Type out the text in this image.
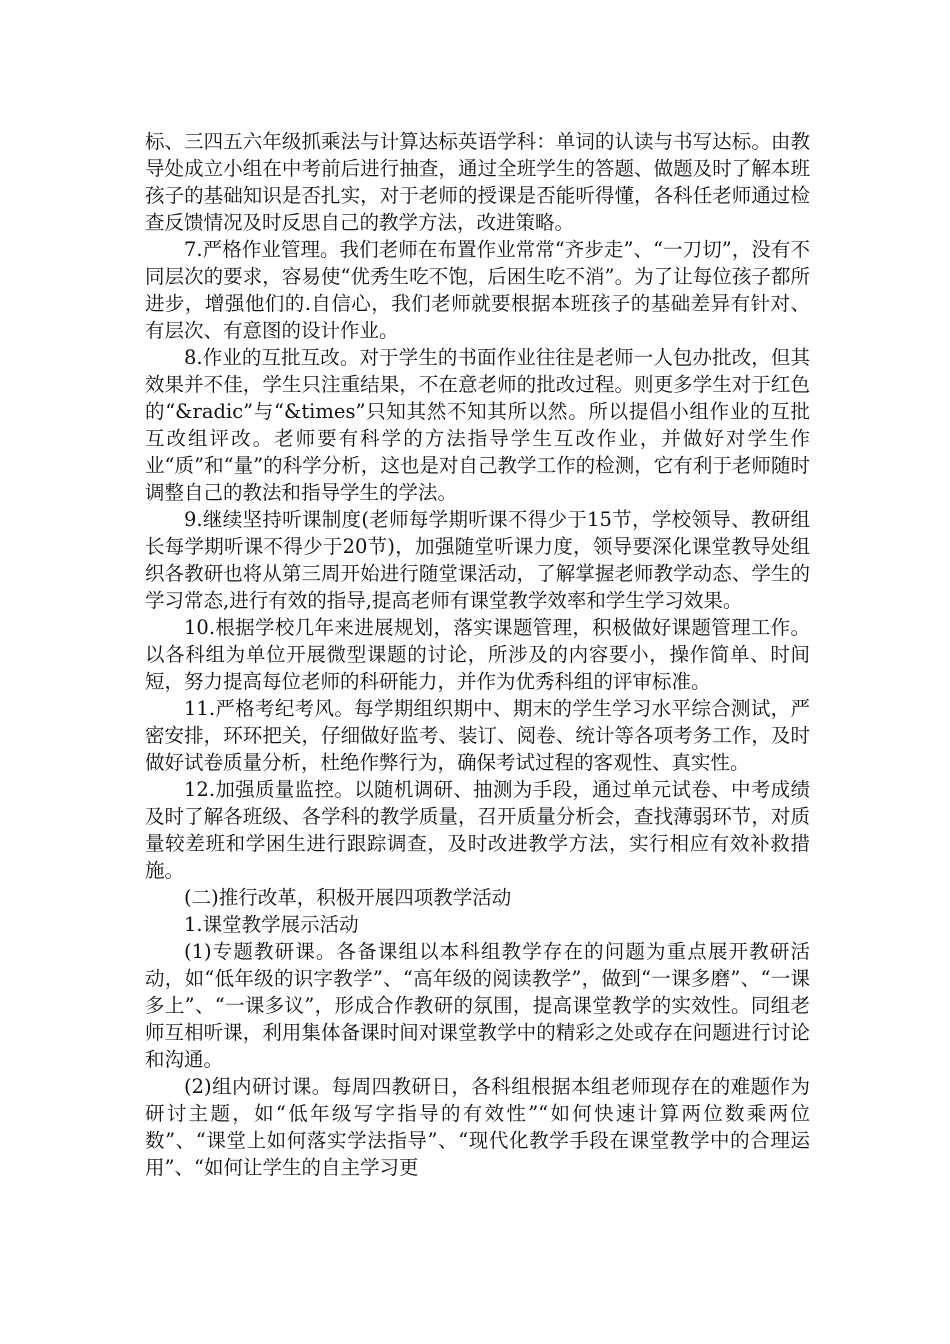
标、三四五六年级抓乘法与计算达标英语学科：单词的认读与书写达标。由教导处成立小组在中考前后进行抽查，通过全班学生的答题、做题及时了解本班孩子的基础知识是否扎实，对于老师的授课是否能听得懂，各科任老师通过检查反馈情况及时反思自己的教学方法，改进策略。

7.严格作业管理。我们老师在布置作业常常“齐步走”、“一刀切”，没有不同层次的要求，容易使“优秀生吃不饱，后困生吃不消”。为了让每位孩子都所进步，增强他们的.自信心，我们老师就要根据本班孩子的基础差异有针对、有层次、有意图的设计作业。

8.作业的互批互改。对于学生的书面作业往往是老师一人包办批改，但其效果并不佳，学生只注重结果，不在意老师的批改过程。则更多学生对于红色的“&radic”与“&times”只知其然不知其所以然。所以提倡小组作业的互批互改组评改。老师要有科学的方法指导学生互改作业，并做好对学生作业“质”和“量”的科学分析，这也是对自己教学工作的检测，它有利于老师随时调整自己的教法和指导学生的学法。

9.继续坚持听课制度(老师每学期听课不得少于15节，学校领导、教研组长每学期听课不得少于20节)，加强随堂听课力度，领导要深化课堂教导处组织各教研也将从第三周开始进行随堂课活动，了解掌握老师教学动态、学生的学习常态,进行有效的指导,提高老师有课堂教学效率和学生学习效果。

10.根据学校几年来进展规划，落实课题管理，积极做好课题管理工作。以各科组为单位开展微型课题的讨论，所涉及的内容要小，操作简单、时间短，努力提高每位老师的科研能力，并作为优秀科组的评审标准。

11.严格考纪考风。每学期组织期中、期末的学生学习水平综合测试，严密安排，环环把关，仔细做好监考、装订、阅卷、统计等各项考务工作，及时做好试卷质量分析，杜绝作弊行为，确保考试过程的客观性、真实性。

12.加强质量监控。以随机调研、抽测为手段，通过单元试卷、中考成绩及时了解各班级、各学科的教学质量，召开质量分析会，查找薄弱环节，对质量较差班和学困生进行跟踪调查，及时改进教学方法，实行相应有效补救措施。

(二)推行改革，积极开展四项教学活动

1.课堂教学展示活动

(1)专题教研课。各备课组以本科组教学存在的问题为重点展开教研活动，如“低年级的识字教学”、“高年级的阅读教学”，做到“一课多磨”、“一课多上”、“一课多议”，形成合作教研的氛围，提高课堂教学的实效性。同组老师互相听课，利用集体备课时间对课堂教学中的精彩之处或存在问题进行讨论和沟通。

(2)组内研讨课。每周四教研日，各科组根据本组老师现存在的难题作为研讨主题，如“低年级写字指导的有效性”“如何快速计算两位数乘两位数”、“课堂上如何落实学法指导”、“现代化教学手段在课堂教学中的合理运用”、“如何让学生的自主学习更
